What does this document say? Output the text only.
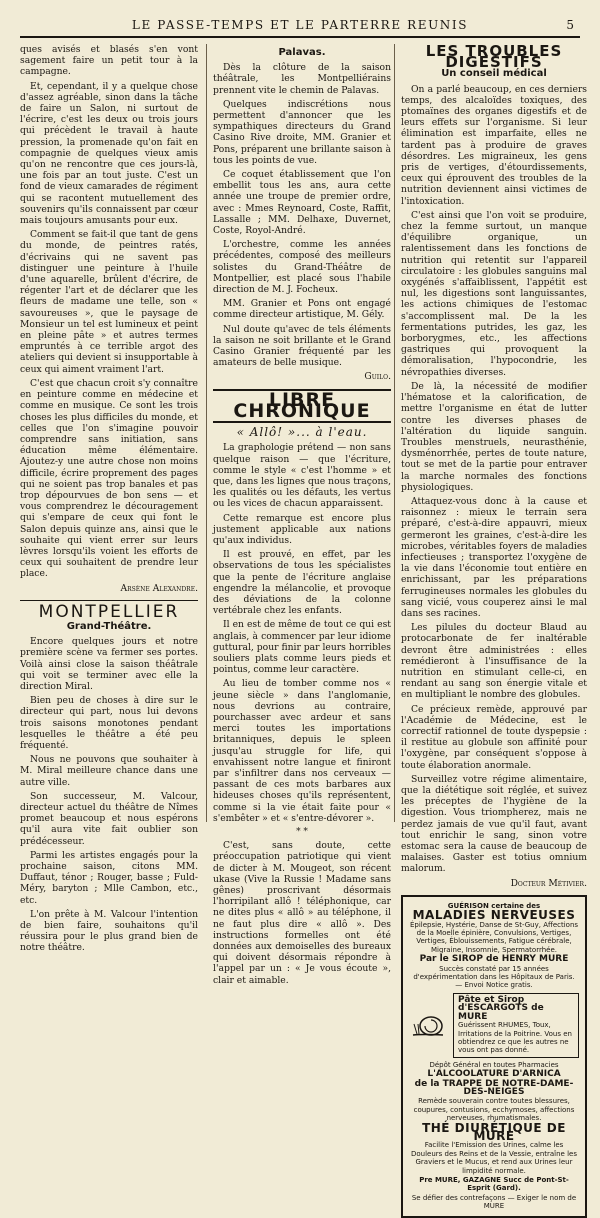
LE PASSE-TEMPS ET LE PARTERRE REUNIS	5

ques avisés et blasés s'en vont sagement faire un petit tour à la campagne.

Et, cependant, il y a quelque chose d'assez agréable, sinon dans la tâche de faire un Salon, ni surtout de l'écrire, c'est les deux ou trois jours qui précèdent le travail à haute pression, la promenade qu'on fait en compagnie de quelques vieux amis qu'on ne rencontre que ces jours-là, une fois par an tout juste. C'est un fond de vieux camarades de régiment qui se racontent mutuellement des souvenirs qu'ils connaissent par cœur mais toujours amusants pour eux.

Comment se fait-il que tant de gens du monde, de peintres ratés, d'écrivains qui ne savent pas distinguer une peinture à l'huile d'une aquarelle, brûlent d'écrire, de régenter l'art et de déclarer que les fleurs de madame une telle, son « savoureuses », que le paysage de Monsieur un tel est lumineux et peint en pleine pâte » et autres termes empruntés à ce terrible argot des ateliers qui devient si insupportable à ceux qui aiment vraiment l'art.

C'est que chacun croit s'y connaître en peinture comme en médecine et comme en musique. Ce sont les trois choses les plus difficiles du monde, et celles que l'on s'imagine pouvoir comprendre sans initiation, sans éducation même élémentaire. Ajoutez-y une autre chose non moins difficile, écrire proprement des pages qui ne soient pas trop banales et pas trop dépourvues de bon sens — et vous comprendrez le découragement qui s'empare de ceux qui font le Salon depuis quinze ans, ainsi que le souhaite qui vient errer sur leurs lèvres lorsqu'ils voient les efforts de ceux qui souhaitent de prendre leur place.

Arsène Alexandre.
MONTPELLIER
Grand-Théâtre.

Encore quelques jours et notre première scène va fermer ses portes. Voilà ainsi close la saison théâtrale qui voit se terminer avec elle la direction Miral.

Bien peu de choses à dire sur le directeur qui part, nous lui devons trois saisons monotones pendant lesquelles le théâtre a été peu fréquenté.

Nous ne pouvons que souhaiter à M. Miral meilleure chance dans une autre ville.

Son successeur, M. Valcour, directeur actuel du théâtre de Nîmes promet beaucoup et nous espérons qu'il aura vite fait oublier son prédécesseur.

Parmi les artistes engagés pour la prochaine saison, citons MM. Duffaut, ténor ; Rouger, basse ; Fuld-Méry, baryton ; Mlle Cambon, etc., etc.

L'on prête à M. Valcour l'intention de bien faire, souhaitons qu'il réussira pour le plus grand bien de notre théâtre.

Palavas.

Dès la clôture de la saison théâtrale, les Montpelliérains prennent vite le chemin de Palavas.

Quelques indiscrétions nous permettent d'annoncer que les sympathiques directeurs du Grand Casino Rive droite, MM. Granier et Pons, préparent une brillante saison à tous les points de vue.

Ce coquet établissement que l'on embellit tous les ans, aura cette année une troupe de premier ordre, avec : Mmes Reynoard, Coste, Raffit, Lassalle ; MM. Delhaxe, Duvernet, Coste, Royol-André.

L'orchestre, comme les années précédentes, composé des meilleurs solistes du Grand-Théâtre de Montpellier, est placé sous l'habile direction de M. J. Focheux.

MM. Granier et Pons ont engagé comme directeur artistique, M. Gély.

Nul doute qu'avec de tels éléments la saison ne soit brillante et le Grand Casino Granier fréquenté par les amateurs de belle musique.

Guilo.
LIBRE CHRONIQUE
« Allô! »... à l'eau.

La graphologie prétend — non sans quelque raison — que l'écriture, comme le style « c'est l'homme » et que, dans les lignes que nous traçons, les qualités ou les défauts, les vertus ou les vices de chacun apparaissent.

Cette remarque est encore plus justement applicable aux nations qu'aux individus.

Il est prouvé, en effet, par les observations de tous les spécialistes que la pente de l'écriture anglaise engendre la mélancolie, et provoque des déviations de la colonne vertébrale chez les enfants.

Il en est de même de tout ce qui est anglais, à commencer par leur idiome guttural, pour finir par leurs horribles souliers plats comme leurs pieds et pointus, comme leur caractère.

Au lieu de tomber comme nos « jeune siècle » dans l'anglomanie, nous devrions au contraire, pourchasser avec ardeur et sans merci toutes les importations britanniques, depuis le spleen jusqu'au struggle for life, qui envahissent notre langue et finiront par s'infiltrer dans nos cerveaux — passant de ces mots barbares aux hideuses choses qu'ils représentent, comme si la vie était faite pour « s'embêter » et « s'entre-dévorer ».

* *

C'est, sans doute, cette préoccupation patriotique qui vient de dicter à M. Mougeot, son récent ukase (Vive la Russie ! Madame sans gênes) proscrivant désormais l'horripilant allô ! téléphonique, car ne dites plus « allô » au téléphone, il ne faut plus dire « allô ». Des instructions formelles ont été données aux demoiselles des bureaux qui doivent désormais répondre à l'appel par un : « Je vous écoute », clair et aimable.

LES TROUBLES DIGESTIFS
Un conseil médical

On a parlé beaucoup, en ces derniers temps, des alcaloïdes toxiques, des ptomaïnes des organes digestifs et de leurs effets sur l'organisme. Si leur élimination est imparfaite, elles ne tardent pas à produire de graves désordres. Les migraineux, les gens pris de vertiges, d'étourdissements, ceux qui éprouvent des troubles de la nutrition deviennent ainsi victimes de l'intoxication.

C'est ainsi que l'on voit se produire, chez la femme surtout, un manque d'équilibre organique, un ralentissement dans les fonctions de nutrition qui retentit sur l'appareil circulatoire : les globules sanguins mal oxygénés s'affaiblissent, l'appétit est nul, les digestions sont languissantes, les actions chimiques de l'estomac s'accomplissent mal. De la les fermentations putrides, les gaz, les borborygmes, etc., les affections gastriques qui provoquent la démoralisation, l'hypocondrie, les névropathies diverses.

De là, la nécessité de modifier l'hématose et la calorification, de mettre l'organisme en état de lutter contre les diverses phases de l'altération du liquide sanguin. Troubles menstruels, neurasthénie, dysménorrhée, pertes de toute nature, tout se met de la partie pour entraver la marche normales des fonctions physiologiques.

Attaquez-vous donc à la cause et raisonnez : mieux le terrain sera préparé, c'est-à-dire appauvri, mieux germeront les graines, c'est-à-dire les microbes, véritables foyers de maladies infectieuses ; transportez l'oxygène de la vie dans l'économie tout entière en enrichissant, par les préparations ferrugineuses normales les globules du sang vicié, vous couperez ainsi le mal dans ses racines.

Les pilules du docteur Blaud au protocarbonate de fer inaltérable devront être administrées : elles remédieront à l'insuffisance de la nutrition en stimulant celle-ci, en rendant au sang son énergie vitale et en multipliant le nombre des globules.

Ce précieux remède, approuvé par l'Académie de Médecine, est le correctif rationnel de toute dyspepsie : il restitue au globule son affinité pour l'oxygène, par conséquent s'oppose à toute élaboration anormale.

Surveillez votre régime alimentaire, que la diététique soit réglée, et suivez les préceptes de l'hygiène de la digestion. Vous triompherez, mais ne perdez jamais de vue qu'il faut, avant tout enrichir le sang, sinon votre estomac sera la cause de beaucoup de malaises. Gaster est totius omnium malorum.

Docteur Métivier.
GUÉRISON certaine des
MALADIES NERVEUSES
Épilepsie, Hystérie, Danse de St-Guy, Affections de la Moelle épinière, Convulsions, Vertiges, Vertiges, Éblouissements, Fatigue cérébrale, Migraine, Insomnie, Spermatorrhée.
Par le SIROP de HENRY MURE
Succès constaté par 15 années d'expérimentation dans les Hôpitaux de Paris. — Envoi Notice gratis.
Pâte et Sirop d'ESCARGOTS de MURE
Guérissent RHUMES, Toux, Irritations de la Poitrine. Vous en obtiendrez ce que les autres ne vous ont pas donné.
Dépôt Général en toutes Pharmacies
L'ALCOOLATURE D'ARNICA
de la TRAPPE DE NOTRE-DAME-DES-NEIGES
Remède souverain contre toutes blessures, coupures, contusions, ecchymoses, affections nerveuses, rhumatismales.
THÉ DIURÉTIQUE DE MURE
Facilite l'Emission des Urines, calme les Douleurs des Reins et de la Vessie, entraîne les Graviers et le Mucus, et rend aux Urines leur limpidité normale.
Pre MURE, GAZAGNE Succ de Pont-St-Esprit (Gard).
Se défier des contrefaçons — Exiger le nom de MURE
